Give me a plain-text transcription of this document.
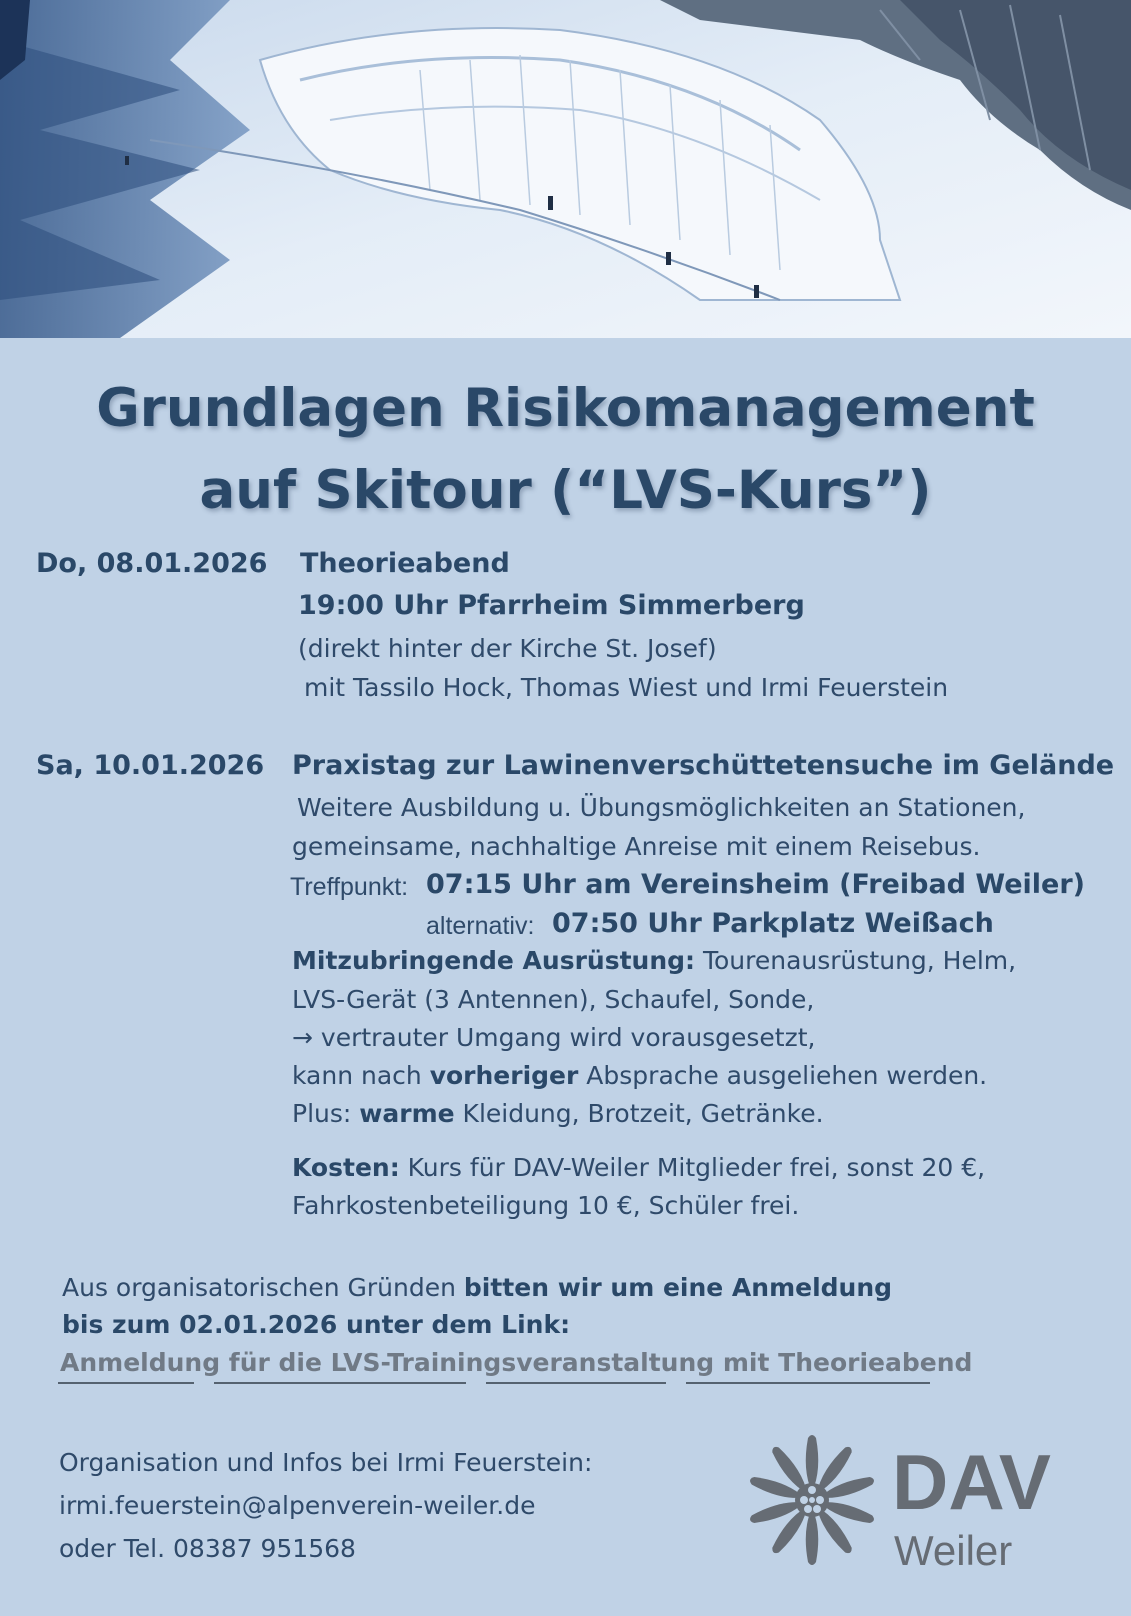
Grundlagen Risikomanagement
auf Skitour (“LVS-Kurs”)
Do, 08.01.2026 Theorieabend
19:00 Uhr Pfarrheim Simmerberg
(direkt hinter der Kirche St. Josef)
mit Tassilo Hock, Thomas Wiest und Irmi Feuerstein
Sa, 10.01.2026 Praxistag zur Lawinenverschüttetensuche im Gelände
Weitere Ausbildung u. Übungsmöglichkeiten an Stationen,
gemeinsame, nachhaltige Anreise mit einem Reisebus.
Treffpunkt: 07:15 Uhr am Vereinsheim (Freibad Weiler)
alternativ: 07:50 Uhr Parkplatz Weißach
Mitzubringende Ausrüstung: Tourenausrüstung, Helm,
LVS-Gerät (3 Antennen), Schaufel, Sonde,
→ vertrauter Umgang wird vorausgesetzt,
kann nach vorheriger Absprache ausgeliehen werden.
Plus: warme Kleidung, Brotzeit, Getränke.
Kosten: Kurs für DAV-Weiler Mitglieder frei, sonst 20 €,
Fahrkostenbeteiligung 10 €, Schüler frei.
Aus organisatorischen Gründen bitten wir um eine Anmeldung
bis zum 02.01.2026 unter dem Link:
Anmeldung für die LVS-Trainingsveranstaltung mit Theorieabend
Organisation und Infos bei Irmi Feuerstein:
irmi.feuerstein@alpenverein-weiler.de
oder Tel. 08387 951568
DAV
Weiler
